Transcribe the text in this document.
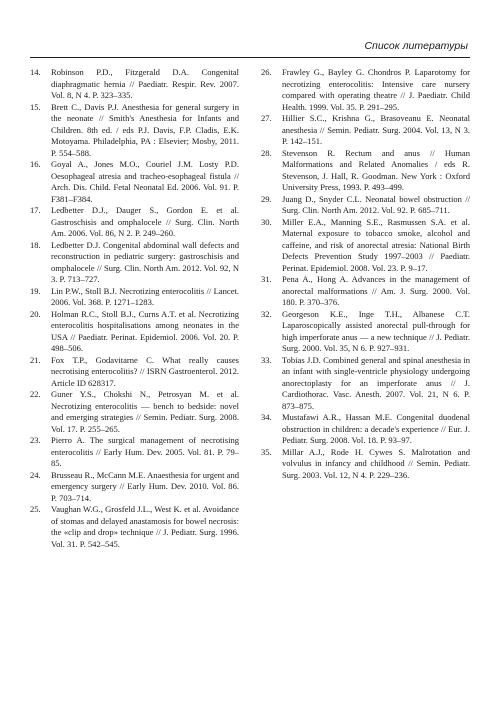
Список литературы
14. Robinson P.D., Fitzgerald D.A. Congenital diaphragmatic hernia // Paediatr. Respir. Rev. 2007. Vol. 8, N 4. P. 323–335.
15. Brett C., Davis P.J. Anesthesia for general surgery in the neonate // Smith's Anesthesia for Infants and Children. 8th ed. / eds P.J. Davis, F.P. Cladis, E.K. Motoyama. Philadelphia, PA : Elsevier; Mosby, 2011. P. 554–588.
16. Goyal A., Jones M.O., Couriel J.M. Losty P.D. Oesophageal atresia and tracheo-esophageal fistula // Arch. Dis. Child. Fetal Neonatal Ed. 2006. Vol. 91. P. F381–F384.
17. Ledbetter D.J., Dauger S., Gordon E. et al. Gastroschisis and omphalocele // Surg. Clin. North Am. 2006. Vol. 86, N 2. P. 249–260.
18. Ledbetter D.J. Congenital abdominal wall defects and reconstruction in pediatric surgery: gastroschisis and omphalocele // Surg. Clin. North Am. 2012. Vol. 92, N 3. P. 713–727.
19. Lin P.W., Stoll B.J. Necrotizing enterocolitis // Lancet. 2006. Vol. 368. P. 1271–1283.
20. Holman R.C., Stoll B.J., Curns A.T. et al. Necrotizing enterocolitis hospitalisations among neonates in the USA // Paediatr. Perinat. Epidemiol. 2006. Vol. 20. P. 498–506.
21. Fox T.P., Godavitarne C. What really causes necrotising enterocolitis? // ISRN Gastroenterol. 2012. Article ID 628317.
22. Guner Y.S., Chokshi N., Petrosyan M. et al. Necrotizing enterocolitis — bench to bedside: novel and emerging strategies // Semin. Pediatr. Surg. 2008. Vol. 17. P. 255–265.
23. Pierro A. The surgical management of necrotising enterocolitis // Early Hum. Dev. 2005. Vol. 81. P. 79–85.
24. Brusseau R., McCann M.E. Anaesthesia for urgent and emergency surgery // Early Hum. Dev. 2010. Vol. 86. P. 703–714.
25. Vaughan W.G., Grosfeld J.L., West K. et al. Avoidance of stomas and delayed anastamosis for bowel necrosis: the «clip and drop» technique // J. Pediatr. Surg. 1996. Vol. 31. P. 542–545.
26. Frawley G., Bayley G. Chondros P. Laparotomy for necrotizing enterocolitis: Intensive care nursery compared with operating theatre // J. Paediatr. Child Health. 1999. Vol. 35. P. 291–295.
27. Hillier S.C., Krishna G., Brasoveanu E. Neonatal anesthesia // Semin. Pediatr. Surg. 2004. Vol. 13, N 3. P. 142–151.
28. Stevenson R. Rectum and anus // Human Malformations and Related Anomalies / eds R. Stevenson, J. Hall, R. Goodman. New York : Oxford University Press, 1993. P. 493–499.
29. Juang D., Snyder C.L. Neonatal bowel obstruction // Surg. Clin. North Am. 2012. Vol. 92. P. 685–711.
30. Miller E.A., Manning S.E., Rasmussen S.A. et al. Maternal exposure to tobacco smoke, alcohol and caffeine, and risk of anorectal atresia: National Birth Defects Prevention Study 1997–2003 // Paediatr. Perinat. Epidemiol. 2008. Vol. 23. P. 9–17.
31. Pena A., Hong A. Advances in the management of anorectal malformations // Am. J. Surg. 2000. Vol. 180. P. 370–376.
32. Georgeson K.E., Inge T.H., Albanese C.T. Laparoscopically assisted anorectal pull-through for high imperforate anus — a new technique // J. Pediatr. Surg. 2000. Vol. 35, N 6. P. 927–931.
33. Tobias J.D. Combined general and spinal anesthesia in an infant with single-ventricle physiology undergoing anorectoplasty for an imperforate anus // J. Cardiothorac. Vasc. Anesth. 2007. Vol. 21, N 6. P. 873–875.
34. Mustafawi A.R., Hassan M.E. Congenital duodenal obstruction in children: a decade's experience // Eur. J. Pediatr. Surg. 2008. Vol. 18. P. 93–97.
35. Millar A.J., Rode H. Cywes S. Malrotation and volvulus in infancy and childhood // Semin. Pediatr. Surg. 2003. Vol. 12, N 4. P. 229–236.
